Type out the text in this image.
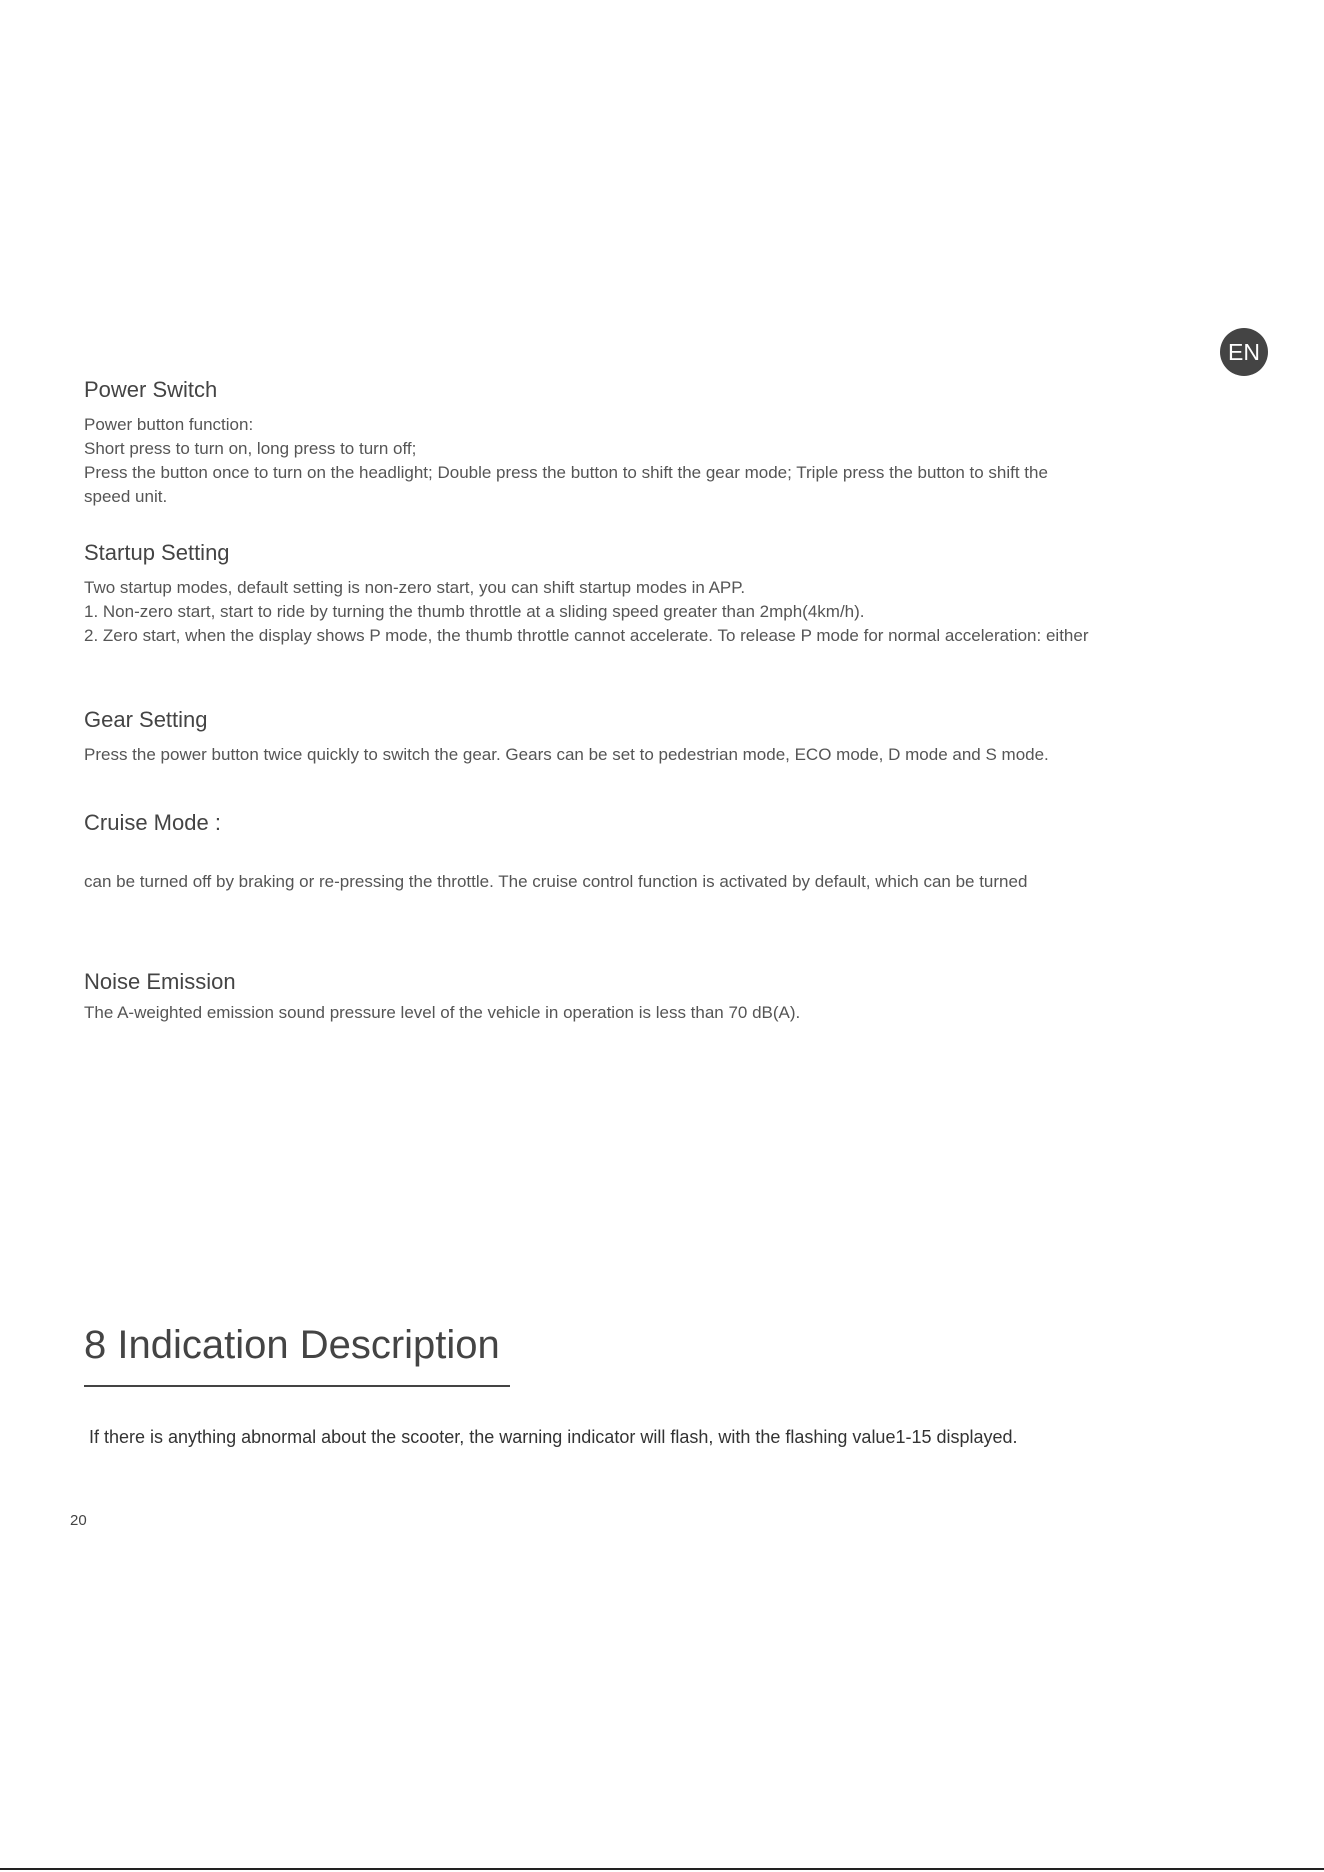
EN
Power Switch
Power button function:
Short press to turn on, long press to turn off;
Press the button once to turn on the headlight; Double press the button to shift the gear mode; Triple press the button to shift the
speed unit.
Startup Setting
Two startup modes, default setting is non-zero start, you can shift startup modes in APP.
1. Non-zero start, start to ride by turning the thumb throttle at a sliding speed greater than 2mph(4km/h).
2. Zero start, when the display shows P mode, the thumb throttle cannot accelerate. To release P mode for normal acceleration: either
Gear Setting
Press the power button twice quickly to switch the gear. Gears can be set to pedestrian mode, ECO mode, D mode and S mode.
Cruise Mode :
can be turned off by braking or re-pressing the throttle. The cruise control function is activated by default, which can be turned
Noise Emission
The A-weighted emission sound pressure level of the vehicle in operation is less than 70 dB(A).
8 Indication Description
If there is anything abnormal about the scooter, the warning indicator will flash, with the flashing value1-15 displayed.
20
